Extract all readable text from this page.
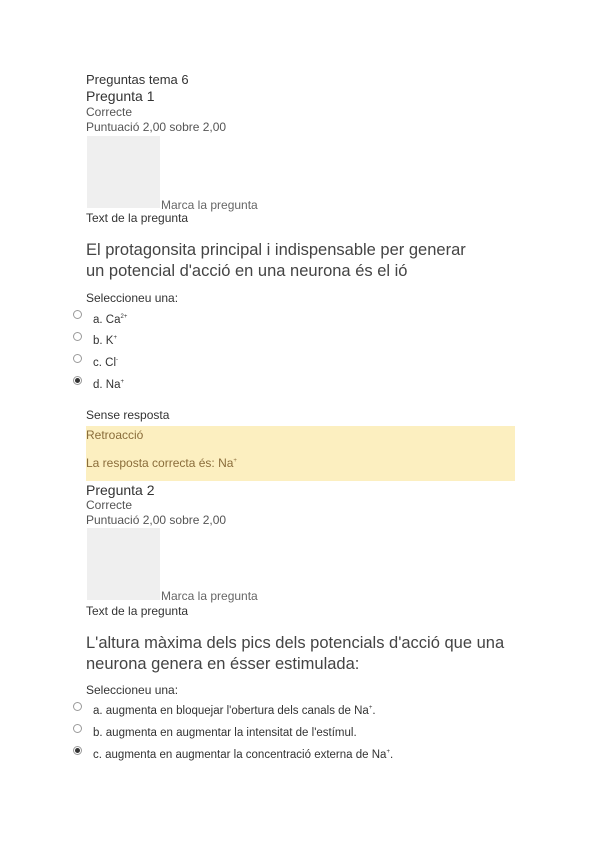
Preguntas tema 6
Pregunta 1
Correcte
Puntuació 2,00 sobre 2,00
Marca la pregunta
Text de la pregunta
El protagonsita principal i indispensable per generar
un potencial d'acció en una neurona és el ió
Seleccioneu una:
a. $Ca^{2+}$
b. K+
c. Cl-
d. Na+
Sense resposta
Retroacció
La resposta correcta és: Na+
Pregunta 2
Correcte
Puntuació 2,00 sobre 2,00
Marca la pregunta
Text de la pregunta
L'altura màxima dels pics dels potencials d'acció que una
neurona genera en ésser estimulada:
Seleccioneu una:
a. augmenta en bloquejar l'obertura dels canals de Na+.
b. augmenta en augmentar la intensitat de l'estímul.
c. augmenta en augmentar la concentració externa de Na+.
